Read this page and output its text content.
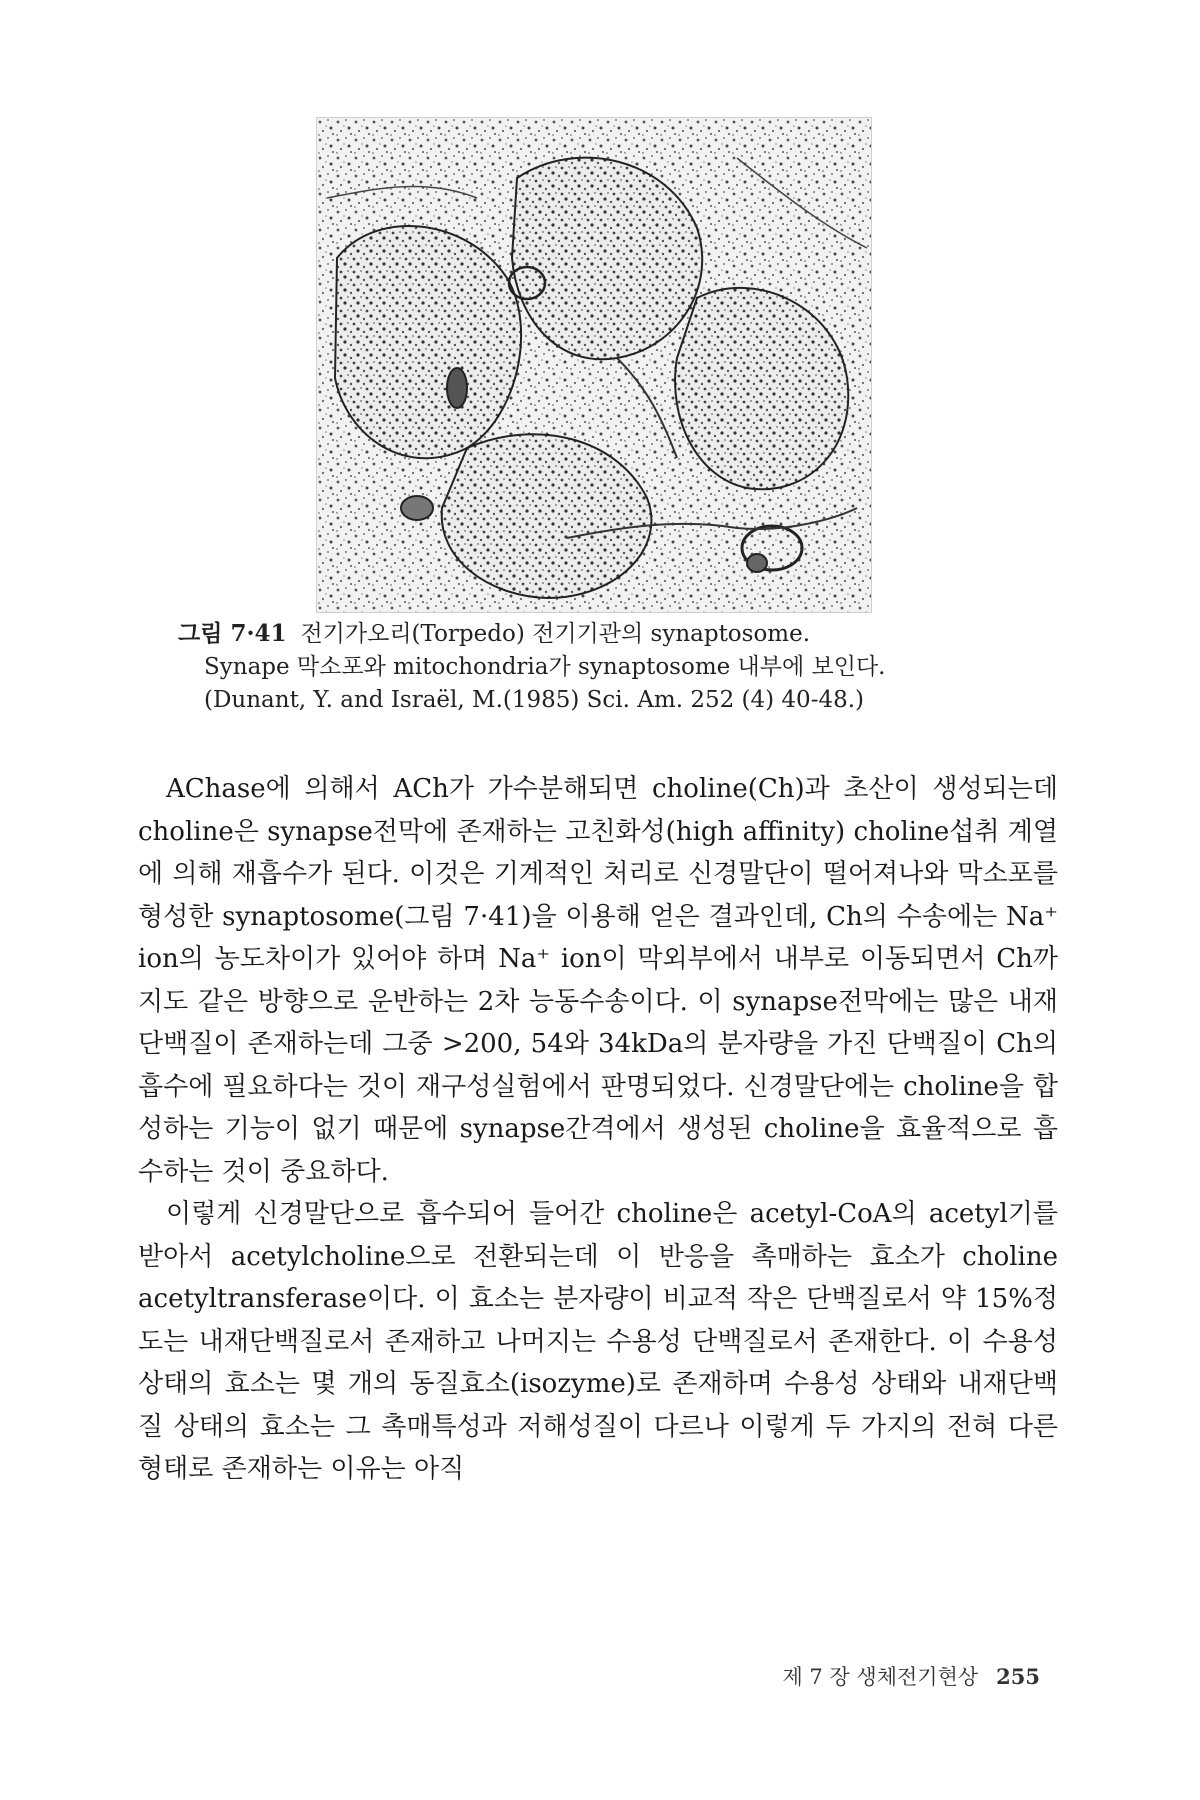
그림 7·41 전기가오리(Torpedo) 전기기관의 synaptosome.
Synape 막소포와 mitochondria가 synaptosome 내부에 보인다.
(Dunant, Y. and Israël, M.(1985) Sci. Am. 252 (4) 40-48.)

AChase에 의해서 ACh가 가수분해되면 choline(Ch)과 초산이 생성되는데 choline은 synapse전막에 존재하는 고친화성(high affinity) choline섭취 계열에 의해 재흡수가 된다. 이것은 기계적인 처리로 신경말단이 떨어져나와 막소포를 형성한 synaptosome(그림 7·41)을 이용해 얻은 결과인데, Ch의 수송에는 Na⁺ ion의 농도차이가 있어야 하며 Na⁺ ion이 막외부에서 내부로 이동되면서 Ch까지도 같은 방향으로 운반하는 2차 능동수송이다. 이 synapse전막에는 많은 내재단백질이 존재하는데 그중 >200, 54와 34kDa의 분자량을 가진 단백질이 Ch의 흡수에 필요하다는 것이 재구성실험에서 판명되었다. 신경말단에는 choline을 합성하는 기능이 없기 때문에 synapse간격에서 생성된 choline을 효율적으로 흡수하는 것이 중요하다.

이렇게 신경말단으로 흡수되어 들어간 choline은 acetyl-CoA의 acetyl기를 받아서 acetylcholine으로 전환되는데 이 반응을 촉매하는 효소가 choline acetyltransferase이다. 이 효소는 분자량이 비교적 작은 단백질로서 약 15%정도는 내재단백질로서 존재하고 나머지는 수용성 단백질로서 존재한다. 이 수용성 상태의 효소는 몇 개의 동질효소(isozyme)로 존재하며 수용성 상태와 내재단백질 상태의 효소는 그 촉매특성과 저해성질이 다르나 이렇게 두 가지의 전혀 다른 형태로 존재하는 이유는 아직

제 7 장 생체전기현상 255
